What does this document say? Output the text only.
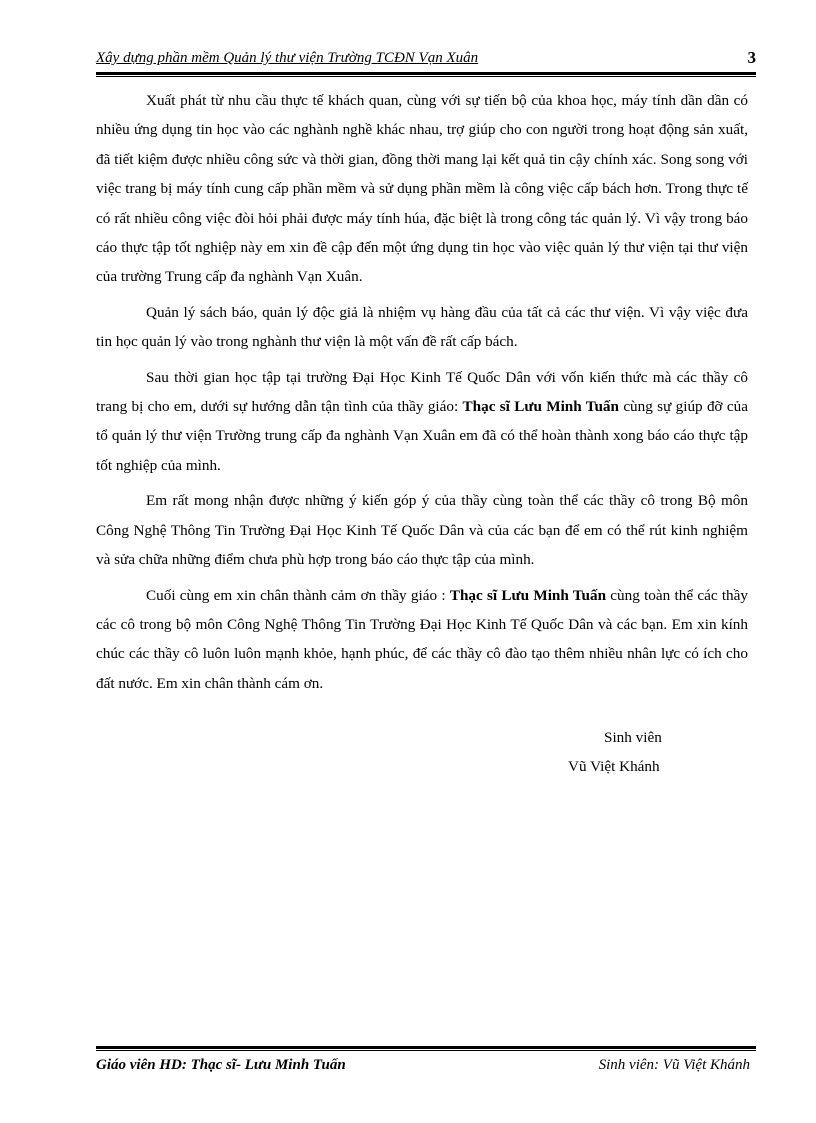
Xây dựng phần mềm Quản lý thư viện Trường TCĐN Vạn Xuân	3

Xuất phát từ nhu cầu thực tế khách quan, cùng với sự tiến bộ của khoa học, máy tính dần dần có nhiều ứng dụng tin học vào các nghành nghề khác nhau, trợ giúp cho con người trong hoạt động sản xuất, đã tiết kiệm được nhiều công sức và thời gian, đồng thời mang lại kết quả tin cậy chính xác. Song song với việc trang bị máy tính cung cấp phần mềm và sử dụng phần mềm là công việc cấp bách hơn. Trong thực tế có rất nhiều công việc đòi hỏi phải được máy tính húa, đặc biệt là trong công tác quản lý. Vì vậy trong báo cáo thực tập tốt nghiệp này em xin đề cập đến một ứng dụng tin học vào việc quản lý thư viện tại thư viện của trường Trung cấp đa nghành Vạn Xuân.

Quản lý sách báo, quản lý độc giả là nhiệm vụ hàng đầu của tất cả các thư viện. Vì vậy việc đưa tin học quản lý vào trong nghành thư viện là một vấn đề rất cấp bách.

Sau thời gian học tập tại trường Đại Học Kinh Tế Quốc Dân với vốn kiến thức mà các thầy cô trang bị cho em, dưới sự hướng dẫn tận tình của thầy giáo: Thạc sĩ Lưu Minh Tuấn cùng sự giúp đỡ của tổ quản lý thư viện Trường trung cấp đa nghành Vạn Xuân em đã có thể hoàn thành xong báo cáo thực tập tốt nghiệp của mình.

Em rất mong nhận được những ý kiến góp ý của thầy cùng toàn thể các thầy cô trong Bộ môn Công Nghệ Thông Tin Trường Đại Học Kinh Tế Quốc Dân và của các bạn để em có thể rút kinh nghiệm và sửa chữa những điểm chưa phù hợp trong báo cáo thực tập của mình.

Cuối cùng em xin chân thành cảm ơn thầy giáo : Thạc sĩ Lưu Minh Tuấn cùng toàn thể các thầy các cô trong bộ môn Công Nghệ Thông Tin Trường Đại Học Kinh Tế Quốc Dân và các bạn. Em xin kính chúc các thầy cô luôn luôn mạnh khỏe, hạnh phúc, để các thầy cô đào tạo thêm nhiều nhân lực có ích cho đất nước. Em xin chân thành cám ơn.

Sinh viên
Vũ Việt Khánh
Giáo viên HD: Thạc sĩ- Lưu Minh Tuấn	Sinh viên: Vũ Việt Khánh
